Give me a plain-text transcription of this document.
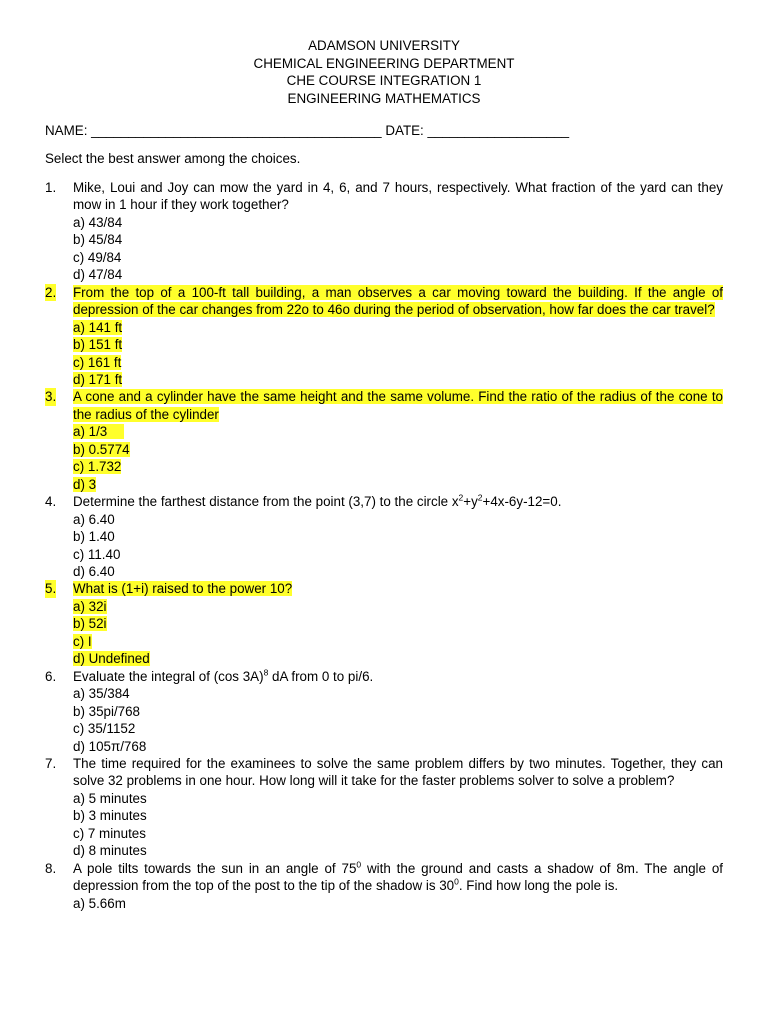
ADAMSON UNIVERSITY
CHEMICAL ENGINEERING DEPARTMENT
CHE COURSE INTEGRATION 1
ENGINEERING MATHEMATICS
NAME: _______________________________________ DATE: ___________________
Select the best answer among the choices.
1. Mike, Loui and Joy can mow the yard in 4, 6, and 7 hours, respectively. What fraction of the yard can they mow in 1 hour if they work together?
a) 43/84
b) 45/84
c) 49/84
d) 47/84
2. From the top of a 100-ft tall building, a man observes a car moving toward the building. If the angle of depression of the car changes from 22o to 46o during the period of observation, how far does the car travel?
a) 141 ft
b) 151 ft
c) 161 ft
d) 171 ft
3. A cone and a cylinder have the same height and the same volume. Find the ratio of the radius of the cone to the radius of the cylinder
a) 1/3
b) 0.5774
c) 1.732
d) 3
4. Determine the farthest distance from the point (3,7) to the circle $x^2+y^2+4x-6y-12=0$.
a) 6.40
b) 1.40
c) 11.40
d) 6.40
5. What is (1+i) raised to the power 10?
a) 32i
b) 52i
c) I
d) Undefined
6. Evaluate the integral of (cos 3A)$^8$ dA from 0 to pi/6.
a) 35/384
b) 35pi/768
c) 35/1152
d) 105π/768
7. The time required for the examinees to solve the same problem differs by two minutes. Together, they can solve 32 problems in one hour. How long will it take for the faster problems solver to solve a problem?
a) 5 minutes
b) 3 minutes
c) 7 minutes
d) 8 minutes
8. A pole tilts towards the sun in an angle of $75^0$ with the ground and casts a shadow of 8m. The angle of depression from the top of the post to the tip of the shadow is $30^0$. Find how long the pole is.
a) 5.66m
